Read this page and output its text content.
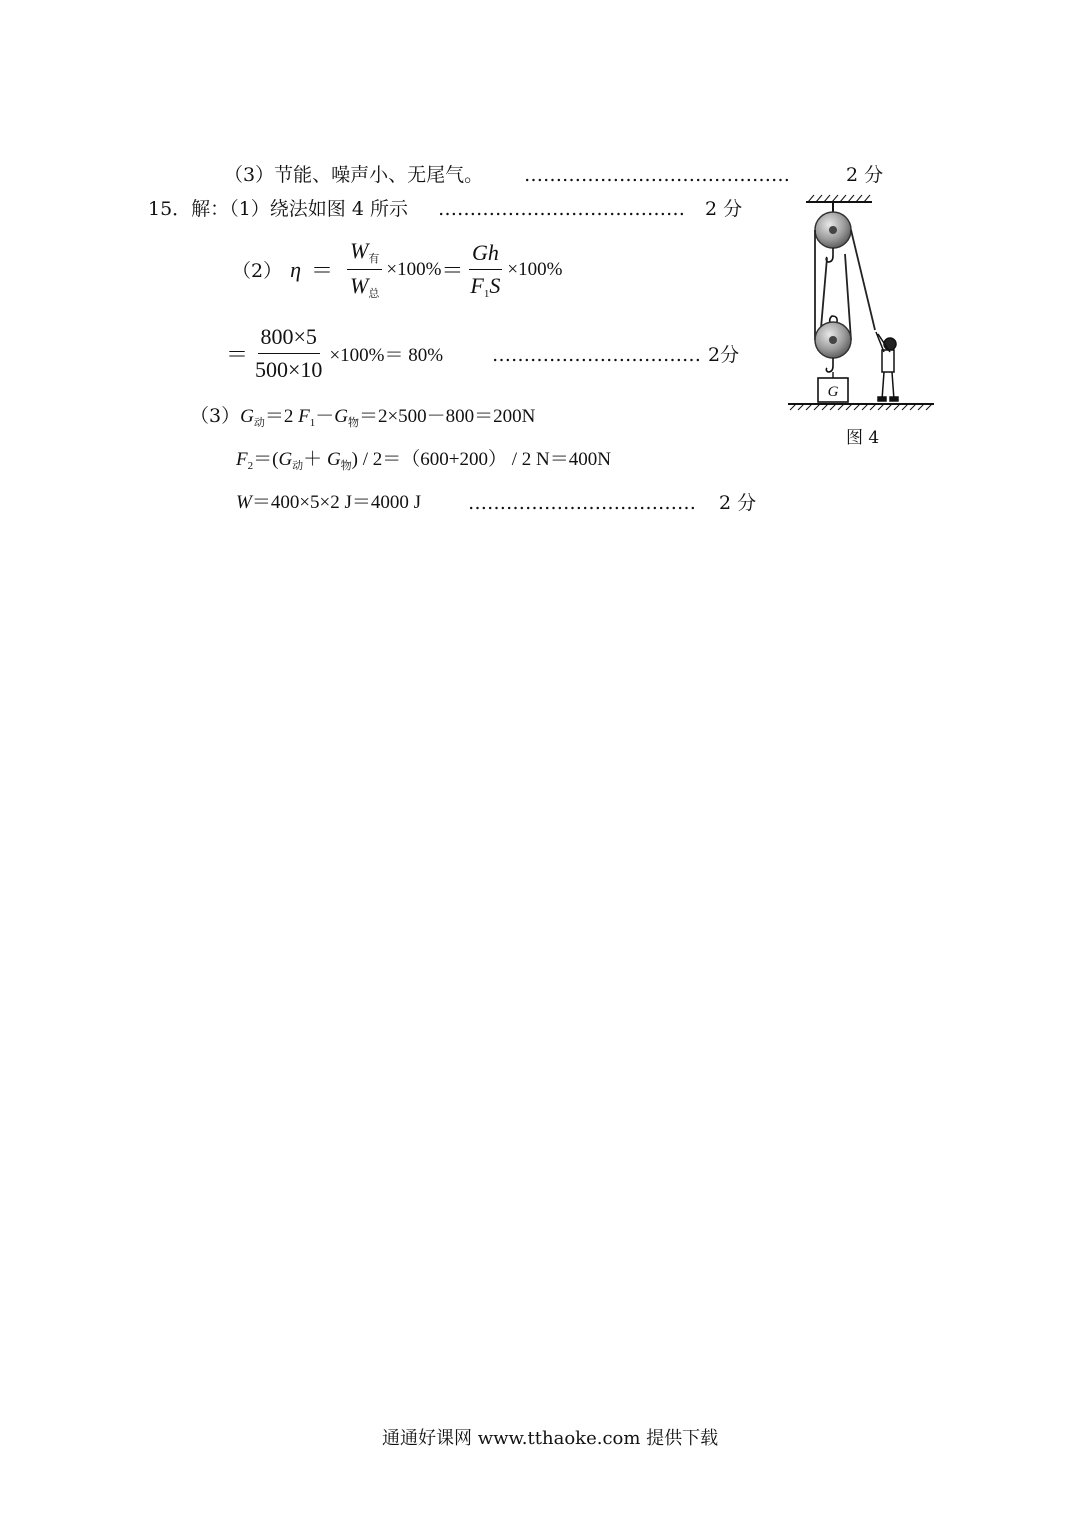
（3）节能、噪声小、无尾气。 ……………………………………	2 分
15．解：（1）绕法如图 4 所示 …………………………………	2 分
（2） $\eta = \frac{W_有}{W_总} \times 100\% = \frac{Gh}{F_1S} \times 100\%$
＝ $\frac{800\times 5}{500\times 10} \times 100\%= 80\%$	…………………………… 2分
$(3)G_动=2$ $F_1-G_物=2\times 500-800=200N$
$F_2=(G_动+ G_物) / 2=(600+200) / 2$ N＝400N
W＝400×5×2 J＝4000 J ………………………………	2 分
G
图 4
通通好课网 www.tthaoke.com 提供下载
